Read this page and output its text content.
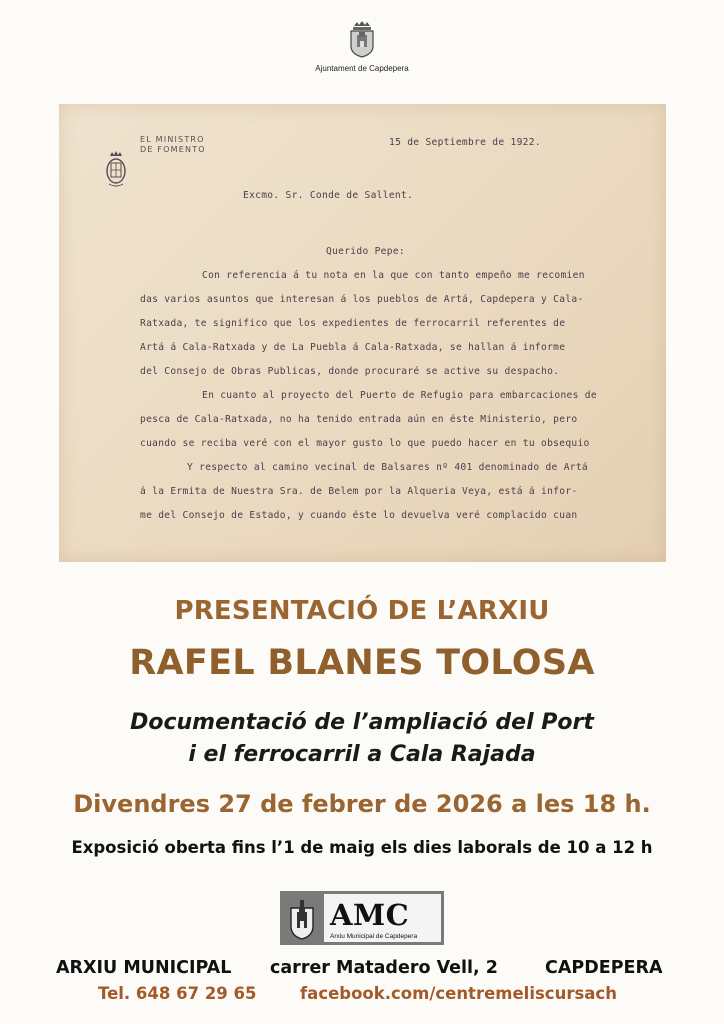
Ajuntament de Capdepera
EL MINISTRO
DE FOMENTO
15 de Septiembre de 1922.
Excmo. Sr. Conde de Sallent.
Querido Pepe:
Con referencia á tu nota en la que con tanto empeño me recomien
das varios asuntos que interesan á los pueblos de Artá, Capdepera y Cala-
Ratxada, te significo que los expedientes de ferrocarril referentes de
Artá á Cala-Ratxada y de La Puebla á Cala-Ratxada, se hallan á informe
del Consejo de Obras Publicas, donde procuraré se active su despacho.
En cuanto al proyecto del Puerto de Refugio para embarcaciones de
pesca de Cala-Ratxada, no ha tenido entrada aún en éste Ministerio, pero
cuando se reciba veré con el mayor gusto lo que puedo hacer en tu obsequio
Y respecto al camino vecinal de Balsares nº 401 denominado de Artá
á la Ermita de Nuestra Sra. de Belem por la Alqueria Veya, está á infor-
me del Consejo de Estado, y cuando éste lo devuelva veré complacido cuan
PRESENTACIÓ DE L’ARXIU
RAFEL BLANES TOLOSA
Documentació de l’ampliació del Port
i el ferrocarril a Cala Rajada
Divendres 27 de febrer de 2026 a les 18 h.
Exposició oberta fins l’1 de maig els dies laborals de 10 a 12 h
AMC
Arxiu Municipal de Capdepera
ARXIU MUNICIPAL carrer Matadero Vell, 2	CAPDEPERA
Tel. 648 67 29 65	facebook.com/centremeliscursach
